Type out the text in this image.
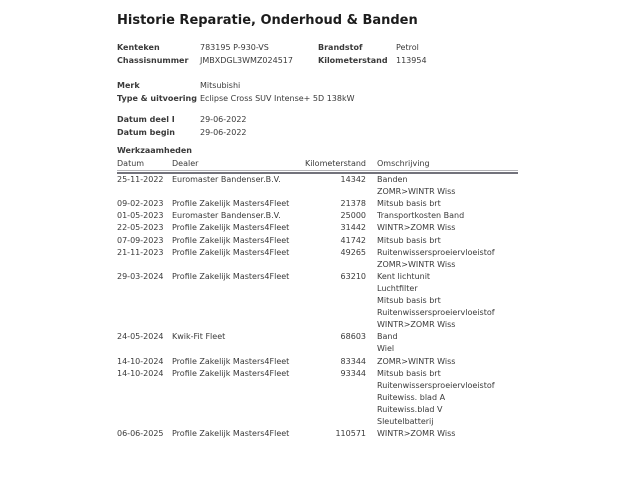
Historie Reparatie, Onderhoud & Banden
Kenteken	783195 P-930-VS	Brandstof	Petrol
Chassisnummer	JMBXDGL3WMZ024517	Kilometerstand	113954
Merk	Mitsubishi
Type & uitvoering Eclipse Cross SUV Intense+ 5D 138kW
Datum deel I	29-06-2022
Datum begin	29-06-2022
Werkzaamheden
Datum	Dealer	Kilometerstand	Omschrijving
25-11-2022	Euromaster Bandenser.B.V.	14342 Banden
ZOMR>WINTR Wiss
09-02-2023	Profile Zakelijk Masters4Fleet	21378 Mitsub basis brt
01-05-2023	Euromaster Bandenser.B.V.	25000 Transportkosten Band
22-05-2023	Profile Zakelijk Masters4Fleet	31442 WINTR>ZOMR Wiss
07-09-2023	Profile Zakelijk Masters4Fleet	41742 Mitsub basis brt
21-11-2023	Profile Zakelijk Masters4Fleet	49265 Ruitenwissersproeiervloeistof
ZOMR>WINTR Wiss
29-03-2024	Profile Zakelijk Masters4Fleet	63210 Kent lichtunit
Luchtfilter
Mitsub basis brt
Ruitenwissersproeiervloeistof
WINTR>ZOMR Wiss
24-05-2024	Kwik-Fit Fleet	68603 Band
Wiel
14-10-2024	Profile Zakelijk Masters4Fleet	83344 ZOMR>WINTR Wiss
14-10-2024	Profile Zakelijk Masters4Fleet	93344 Mitsub basis brt
Ruitenwissersproeiervloeistof
Ruitewiss. blad A
Ruitewiss.blad V
Sleutelbatterij
06-06-2025	Profile Zakelijk Masters4Fleet	110571 WINTR>ZOMR Wiss
